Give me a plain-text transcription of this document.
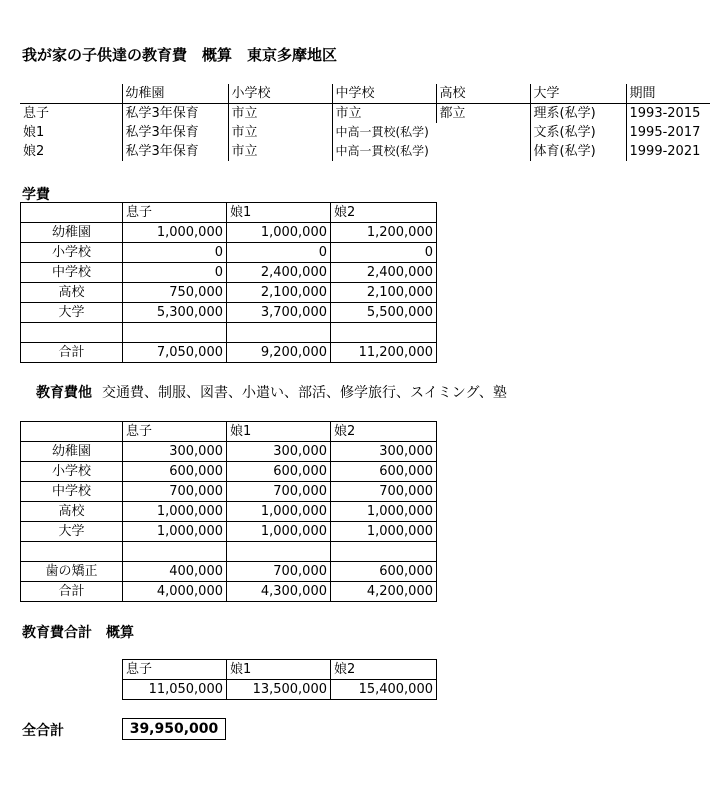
我が家の子供達の教育費　概算　東京多摩地区
	幼稚園	小学校	中学校	高校	大学	期間
息子	私学3年保育	市立	市立	都立	理系(私学)	1993-2015
娘1	私学3年保育	市立	中高一貫校(私学)		文系(私学)	1995-2017
娘2	私学3年保育	市立	中高一貫校(私学)		体育(私学)	1999-2021
学費
	息子	娘1	娘2
幼稚園	1,000,000	1,000,000	1,200,000
小学校	0	0	0
中学校	0	2,400,000	2,400,000
高校	750,000	2,100,000	2,100,000
大学	5,300,000	3,700,000	5,500,000

合計	7,050,000	9,200,000	11,200,000
教育費他 交通費、制服、図書、小遣い、部活、修学旅行、スイミング、塾
	息子	娘1	娘2
幼稚園	300,000	300,000	300,000
小学校	600,000	600,000	600,000
中学校	700,000	700,000	700,000
高校	1,000,000	1,000,000	1,000,000
大学	1,000,000	1,000,000	1,000,000

歯の矯正	400,000	700,000	600,000
合計	4,000,000	4,300,000	4,200,000
教育費合計　概算
息子	娘1	娘2
11,050,000	13,500,000	15,400,000
全合計	39,950,000
